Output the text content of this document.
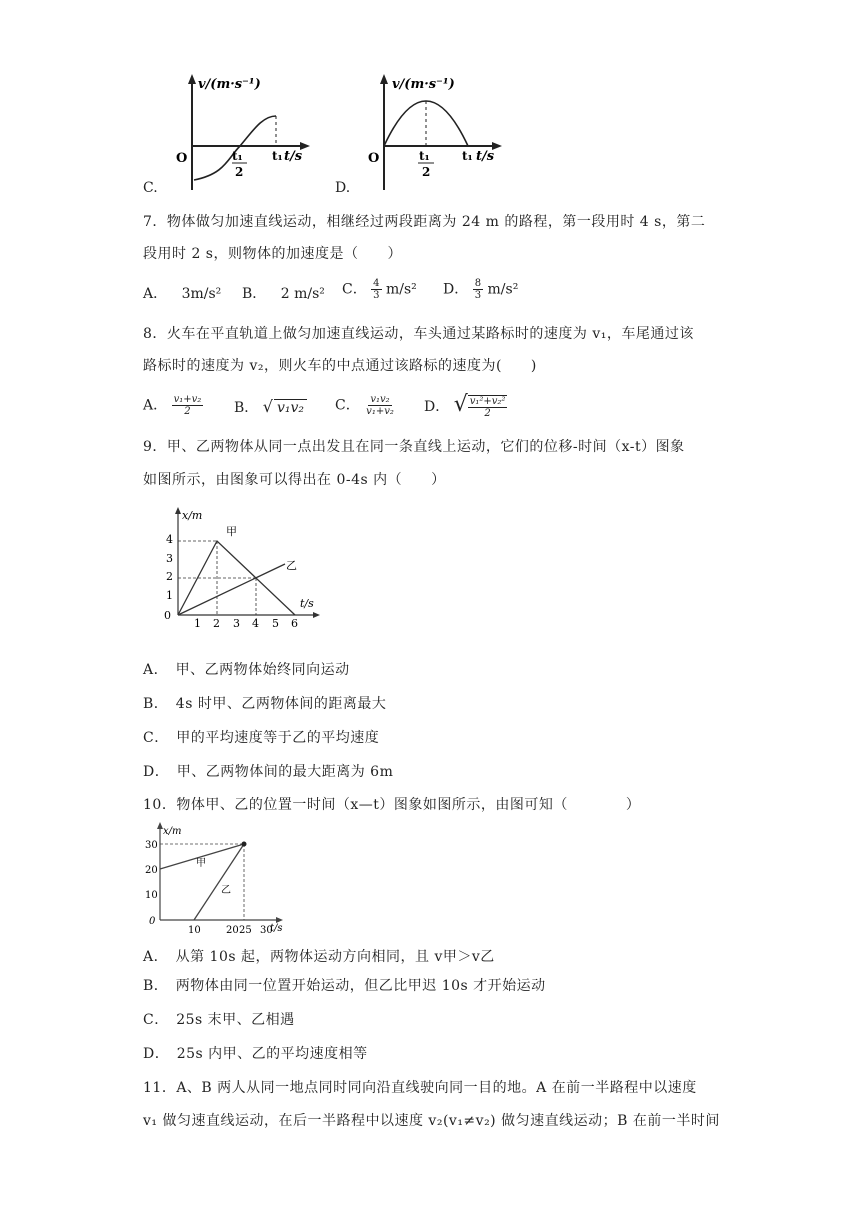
C.
v/(m·s⁻¹)
O	t₁
2
t₁ t/s
D.
v/(m·s⁻¹)
O	t₁
2
t₁ t/s
7．物体做匀加速直线运动，相继经过两段距离为 24 m 的路程，第一段用时 4 s，第二
段用时 2 s，则物体的加速度是（　　）
A． 3m/s² B． 2 m/s² C． $\frac{4}{3} m/s^2$ D． $\frac{8}{3} m/s^2$
8．火车在平直轨道上做匀加速直线运动，车头通过某路标时的速度为 v₁，车尾通过该
路标时的速度为 v₂，则火车的中点通过该路标的速度为(　　)
A． $\frac{\text{v₁+v₂}}{2}$ B． √ v₁v₂ C． $\frac{\text{v₁v₂}}{\text{v₁+v₂}}$ D． √ $\frac{\text{v₁²+v₂²}}{2}$
9．甲、乙两物体从同一点出发且在同一条直线上运动，它们的位移-时间（x-t）图象
如图所示，由图象可以得出在 0-4s 内（　　）
x/m
t/s
0
1
2
3
4
1 2 3 4 5 6
甲
乙
A．　甲、乙两物体始终同向运动
B．　4s 时甲、乙两物体间的距离最大
C．　甲的平均速度等于乙的平均速度
D．　甲、乙两物体间的最大距离为 6m
10．物体甲、乙的位置一时间（x—t）图象如图所示，由图可知（　　　　）
x/m
t/s
0
10
20
30
10	20 25 30
甲
乙
A．　从第 10s 起，两物体运动方向相同，且 v甲＞v乙
B．　两物体由同一位置开始运动，但乙比甲迟 10s 才开始运动
C．　25s 末甲、乙相遇
D．　25s 内甲、乙的平均速度相等
11．A、B 两人从同一地点同时同向沿直线驶向同一目的地。A 在前一半路程中以速度
v₁ 做匀速直线运动，在后一半路程中以速度 v₂(v₁≠v₂) 做匀速直线运动；B 在前一半时间
